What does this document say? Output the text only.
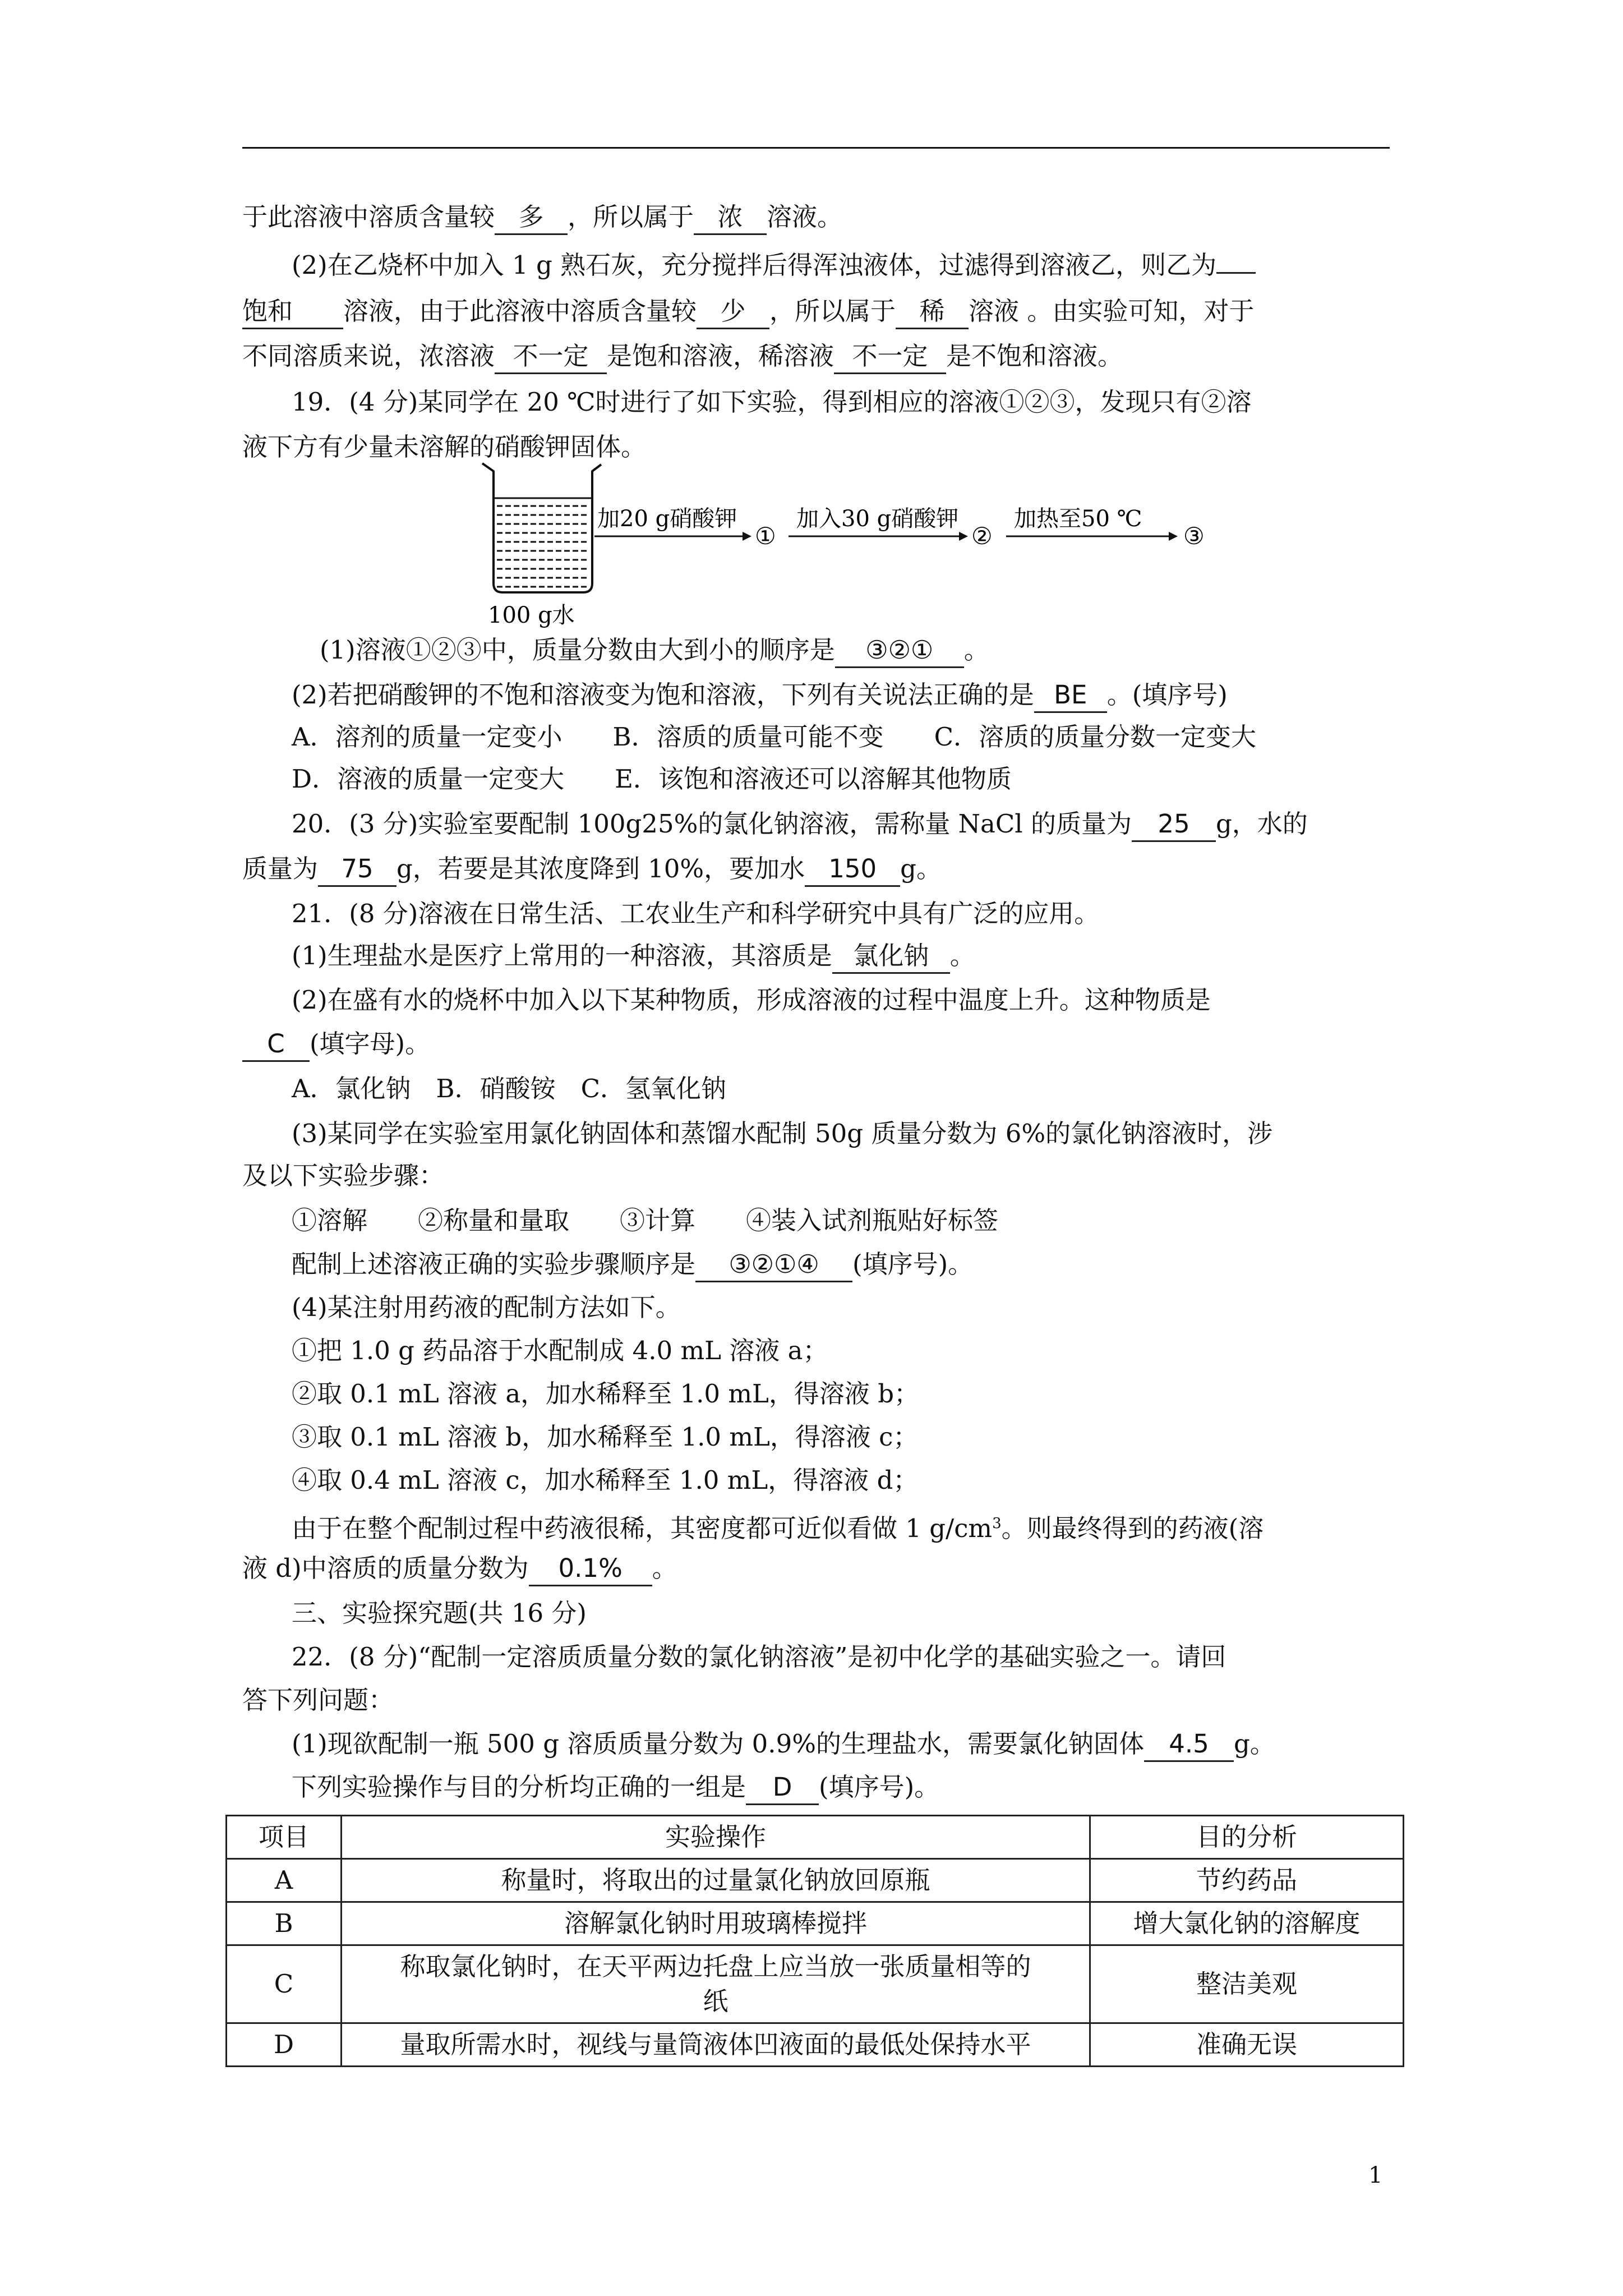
于此溶液中溶质含量较 多 ，所以属于 浓 溶液。
(2)在乙烧杯中加入 1 g 熟石灰，充分搅拌后得浑浊液体，过滤得到溶液乙，则乙为
饱和 溶液，由于此溶液中溶质含量较 少 ，所以属于 稀 溶液 。由实验可知，对于
不同溶质来说，浓溶液 不一定 是饱和溶液，稀溶液 不一定 是不饱和溶液。
19．(4 分)某同学在 20 ℃时进行了如下实验，得到相应的溶液①②③，发现只有②溶
液下方有少量未溶解的硝酸钾固体。
100 g水
加20 g硝酸钾
①
加入30 g硝酸钾
②
加热至50 ℃
③
(1)溶液①②③中，质量分数由大到小的顺序是 ③②① 。
(2)若把硝酸钾的不饱和溶液变为饱和溶液，下列有关说法正确的是 BE 。(填序号)
A．溶剂的质量一定变小　　B．溶质的质量可能不变　　C．溶质的质量分数一定变大
D．溶液的质量一定变大　　E．该饱和溶液还可以溶解其他物质
20．(3 分)实验室要配制 100g25%的氯化钠溶液，需称量 NaCl 的质量为 25 g，水的
质量为 75 g，若要是其浓度降到 10%，要加水 150 g。
21．(8 分)溶液在日常生活、工农业生产和科学研究中具有广泛的应用。
(1)生理盐水是医疗上常用的一种溶液，其溶质是 氯化钠 。
(2)在盛有水的烧杯中加入以下某种物质，形成溶液的过程中温度上升。这种物质是
C (填字母)。
A．氯化钠　B．硝酸铵　C．氢氧化钠
(3)某同学在实验室用氯化钠固体和蒸馏水配制 50g 质量分数为 6%的氯化钠溶液时，涉
及以下实验步骤：
①溶解　　②称量和量取　　③计算　　④装入试剂瓶贴好标签
配制上述溶液正确的实验步骤顺序是 ③②①④ (填序号)。
(4)某注射用药液的配制方法如下。
①把 1.0 g 药品溶于水配制成 4.0 mL 溶液 a；
②取 0.1 mL 溶液 a，加水稀释至 1.0 mL，得溶液 b；
③取 0.1 mL 溶液 b，加水稀释至 1.0 mL，得溶液 c；
④取 0.4 mL 溶液 c，加水稀释至 1.0 mL，得溶液 d；
由于在整个配制过程中药液很稀，其密度都可近似看做 1 $g/cm^3$。则最终得到的药液(溶
液 d)中溶质的质量分数为 0.1% 。
三、实验探究题(共 16 分)
22．(8 分)“配制一定溶质质量分数的氯化钠溶液”是初中化学的基础实验之一。请回
答下列问题：
(1)现欲配制一瓶 500 g 溶质质量分数为 0.9%的生理盐水，需要氯化钠固体 4.5 g。
下列实验操作与目的分析均正确的一组是 D (填序号)。
项目	实验操作	目的分析
A	称量时，将取出的过量氯化钠放回原瓶	节约药品
B	溶解氯化钠时用玻璃棒搅拌	增大氯化钠的溶解度
C	称取氯化钠时，在天平两边托盘上应当放一张质量相等的
纸	整洁美观
D	量取所需水时，视线与量筒液体凹液面的最低处保持水平	准确无误
1
